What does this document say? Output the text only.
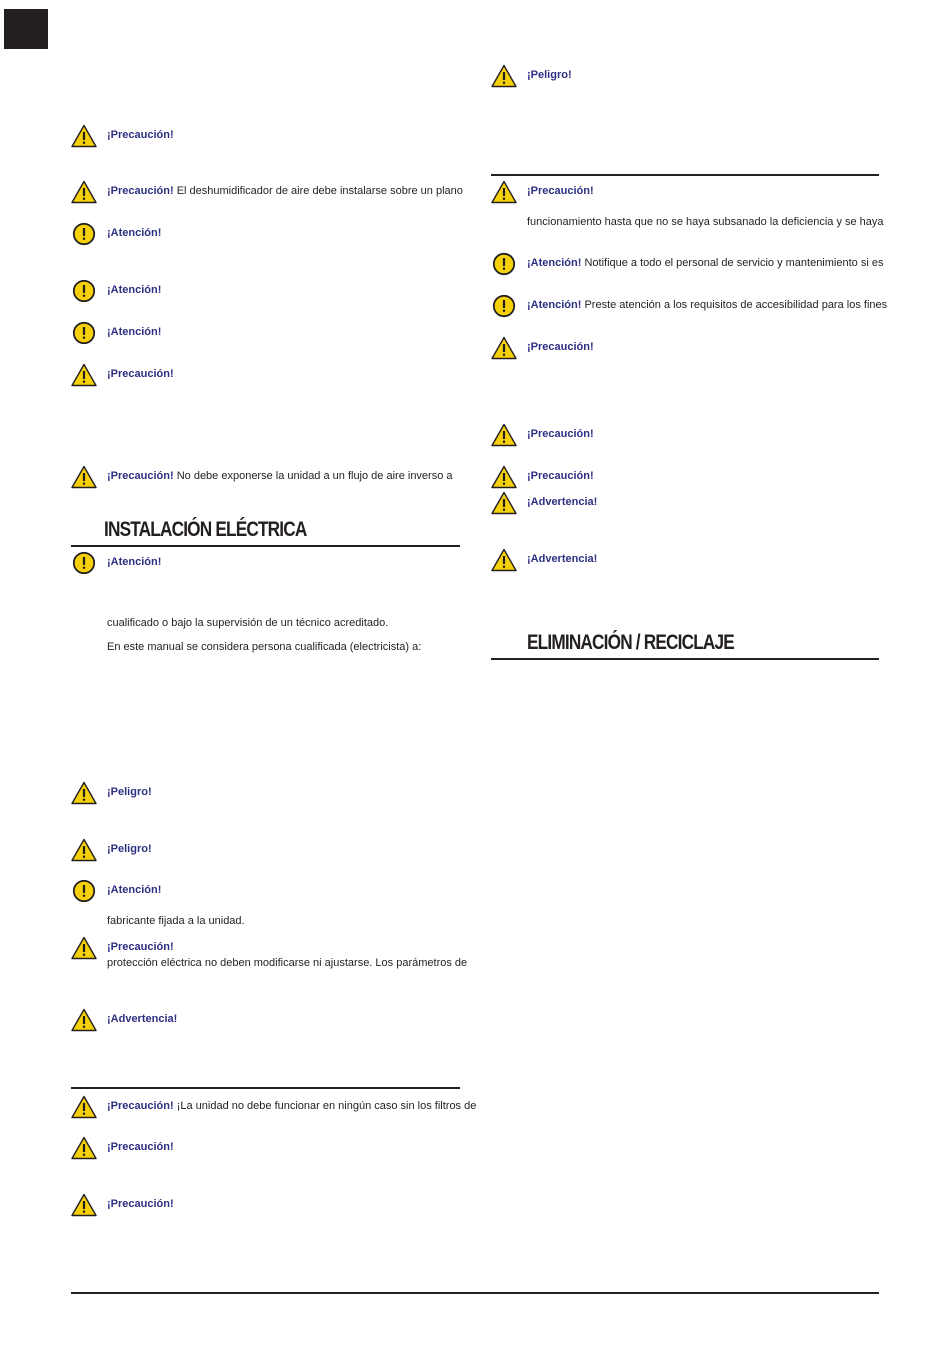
¡Precaución!
¡Precaución! El deshumidificador de aire debe instalarse sobre un plano
¡Atención!
¡Atención!
¡Atención!
¡Precaución!
¡Precaución! No debe exponerse la unidad a un flujo de aire inverso a
INSTALACIÓN ELÉCTRICA
¡Atención!
cualificado o bajo la supervisión de un técnico acreditado.
En este manual se considera persona cualificada (electricista) a:
¡Peligro!
¡Peligro!
¡Atención!
fabricante fijada a la unidad.
¡Precaución!
protección eléctrica no deben modificarse ni ajustarse. Los parámetros de
¡Advertencia!
¡Precaución! ¡La unidad no debe funcionar en ningún caso sin los filtros de
¡Precaución!
¡Precaución!
¡Peligro!
¡Precaución!
funcionamiento hasta que no se haya subsanado la deficiencia y se haya
¡Atención! Notifique a todo el personal de servicio y mantenimiento si es
¡Atención! Preste atención a los requisitos de accesibilidad para los fines
¡Precaución!
¡Precaución!
¡Precaución!
¡Advertencia!
¡Advertencia!
ELIMINACIÓN / RECICLAJE
